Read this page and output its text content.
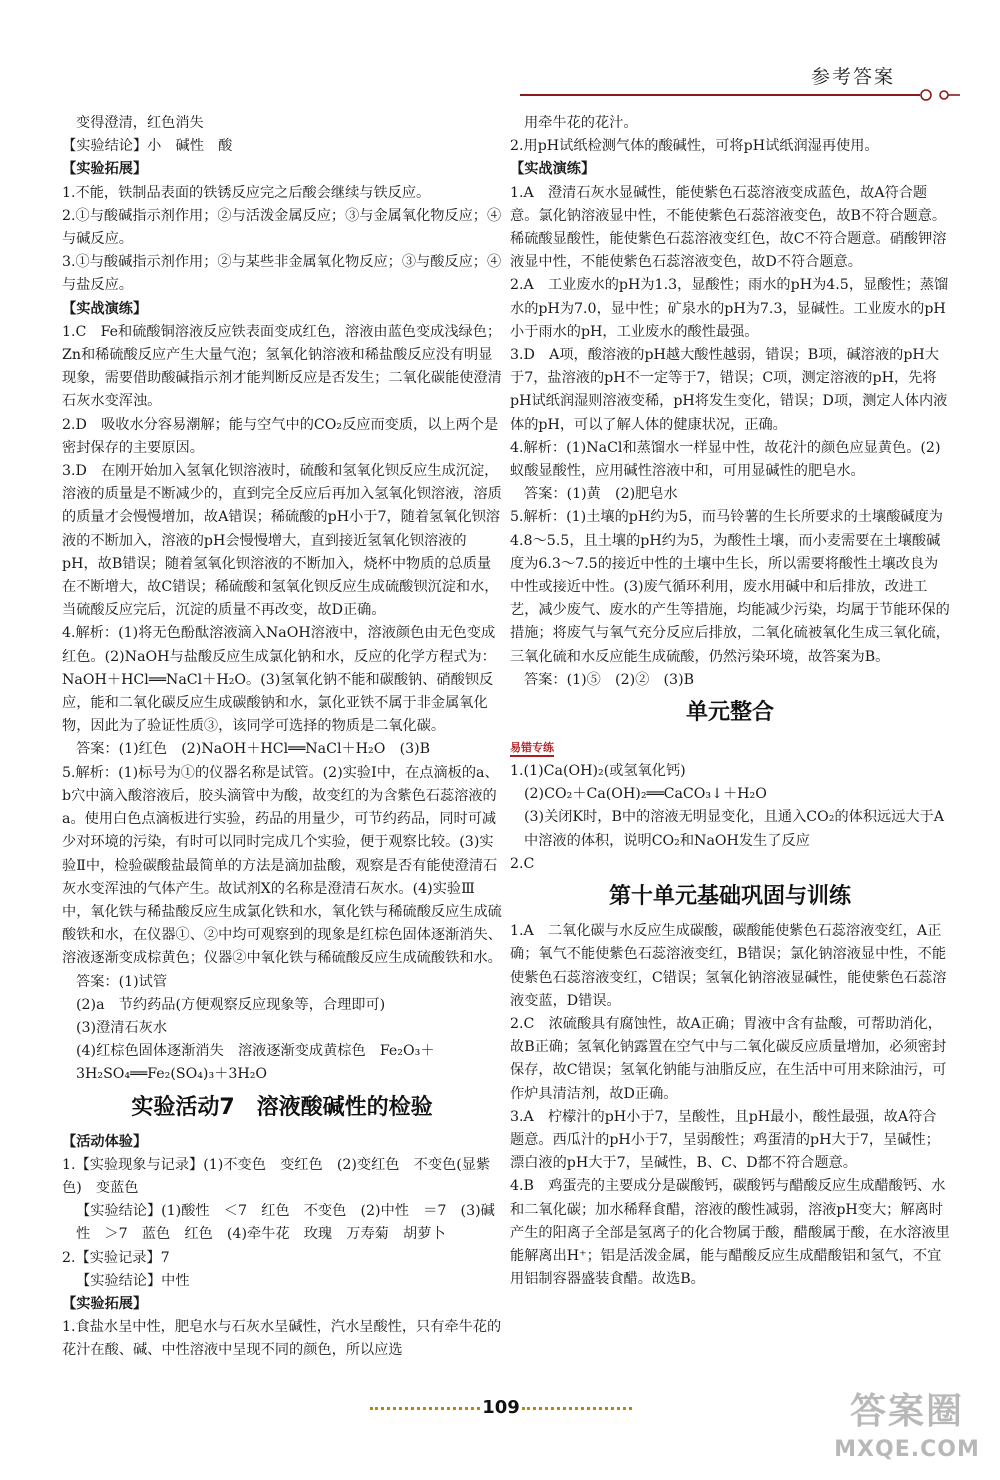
参考答案
变得澄清，红色消失
【实验结论】小　碱性　酸
【实验拓展】
1.不能，铁制品表面的铁锈反应完之后酸会继续与铁反应。
2.①与酸碱指示剂作用；②与活泼金属反应；③与金属氧化物反应；④与碱反应。
3.①与酸碱指示剂作用；②与某些非金属氧化物反应；③与酸反应；④与盐反应。
【实战演练】
1.C　Fe和硫酸铜溶液反应铁表面变成红色，溶液由蓝色变成浅绿色；Zn和稀硫酸反应产生大量气泡；氢氧化钠溶液和稀盐酸反应没有明显现象，需要借助酸碱指示剂才能判断反应是否发生；二氧化碳能使澄清石灰水变浑浊。
2.D　吸收水分容易潮解；能与空气中的CO₂反应而变质，以上两个是密封保存的主要原因。
3.D　在刚开始加入氢氧化钡溶液时，硫酸和氢氧化钡反应生成沉淀，溶液的质量是不断减少的，直到完全反应后再加入氢氧化钡溶液，溶质的质量才会慢慢增加，故A错误；稀硫酸的pH小于7，随着氢氧化钡溶液的不断加入，溶液的pH会慢慢增大，直到接近氢氧化钡溶液的pH，故B错误；随着氢氧化钡溶液的不断加入，烧杯中物质的总质量在不断增大，故C错误；稀硫酸和氢氧化钡反应生成硫酸钡沉淀和水，当硫酸反应完后，沉淀的质量不再改变，故D正确。
4.解析：(1)将无色酚酞溶液滴入NaOH溶液中，溶液颜色由无色变成红色。(2)NaOH与盐酸反应生成氯化钠和水，反应的化学方程式为：NaOH＋HCl══NaCl＋H₂O。(3)氢氧化钠不能和碳酸钠、硝酸钡反应，能和二氧化碳反应生成碳酸钠和水，氯化亚铁不属于非金属氧化物，因此为了验证性质③，该同学可选择的物质是二氧化碳。
答案：(1)红色　(2)NaOH＋HCl══NaCl＋H₂O　(3)B
5.解析：(1)标号为①的仪器名称是试管。(2)实验Ⅰ中，在点滴板的a、b穴中滴入酸溶液后，胶头滴管中为酸，故变红的为含紫色石蕊溶液的a。使用白色点滴板进行实验，药品的用量少，可节约药品，同时可减少对环境的污染，有时可以同时完成几个实验，便于观察比较。(3)实验Ⅱ中，检验碳酸盐最简单的方法是滴加盐酸，观察是否有能使澄清石灰水变浑浊的气体产生。故试剂X的名称是澄清石灰水。(4)实验Ⅲ中，氧化铁与稀盐酸反应生成氯化铁和水，氧化铁与稀硫酸反应生成硫酸铁和水，在仪器①、②中均可观察到的现象是红棕色固体逐渐消失、溶液逐渐变成棕黄色；仪器②中氧化铁与稀硫酸反应生成硫酸铁和水。
答案：(1)试管
(2)a　节约药品(方便观察反应现象等，合理即可)
(3)澄清石灰水
(4)红棕色固体逐渐消失　溶液逐渐变成黄棕色　Fe₂O₃＋3H₂SO₄══Fe₂(SO₄)₃＋3H₂O
实验活动7　溶液酸碱性的检验
【活动体验】
1.【实验现象与记录】(1)不变色　变红色　(2)变红色　不变色(显紫色)　变蓝色
【实验结论】(1)酸性　＜7　红色　不变色　(2)中性　＝7　(3)碱性　＞7　蓝色　红色　(4)牵牛花　玫瑰　万寿菊　胡萝卜
2.【实验记录】7
【实验结论】中性
【实验拓展】
1.食盐水呈中性，肥皂水与石灰水呈碱性，汽水呈酸性，只有牵牛花的花汁在酸、碱、中性溶液中呈现不同的颜色，所以应选
用牵牛花的花汁。
2.用pH试纸检测气体的酸碱性，可将pH试纸润湿再使用。
【实战演练】
1.A　澄清石灰水显碱性，能使紫色石蕊溶液变成蓝色，故A符合题意。氯化钠溶液显中性，不能使紫色石蕊溶液变色，故B不符合题意。稀硫酸显酸性，能使紫色石蕊溶液变红色，故C不符合题意。硝酸钾溶液显中性，不能使紫色石蕊溶液变色，故D不符合题意。
2.A　工业废水的pH为1.3，显酸性；雨水的pH为4.5，显酸性；蒸馏水的pH为7.0，显中性；矿泉水的pH为7.3，显碱性。工业废水的pH小于雨水的pH，工业废水的酸性最强。
3.D　A项，酸溶液的pH越大酸性越弱，错误；B项，碱溶液的pH大于7，盐溶液的pH不一定等于7，错误；C项，测定溶液的pH，先将pH试纸润湿则溶液变稀，pH将发生变化，错误；D项，测定人体内液体的pH，可以了解人体的健康状况，正确。
4.解析：(1)NaCl和蒸馏水一样显中性，故花汁的颜色应显黄色。(2)蚁酸显酸性，应用碱性溶液中和，可用显碱性的肥皂水。
答案：(1)黄　(2)肥皂水
5.解析：(1)土壤的pH约为5，而马铃薯的生长所要求的土壤酸碱度为4.8～5.5，且土壤的pH约为5，为酸性土壤，而小麦需要在土壤酸碱度为6.3～7.5的接近中性的土壤中生长，所以需要将酸性土壤改良为中性或接近中性。(3)废气循环利用，废水用碱中和后排放，改进工艺，减少废气、废水的产生等措施，均能减少污染，均属于节能环保的措施；将废气与氧气充分反应后排放，二氧化硫被氧化生成三氧化硫，三氧化硫和水反应能生成硫酸，仍然污染环境，故答案为B。
答案：(1)⑤　(2)②　(3)B
单元整合
易错专练

1.(1)Ca(OH)₂(或氢氧化钙)
(2)CO₂＋Ca(OH)₂══CaCO₃↓＋H₂O
(3)关闭K时，B中的溶液无明显变化，且通入CO₂的体积远远大于A中溶液的体积，说明CO₂和NaOH发生了反应
2.C
第十单元基础巩固与训练
1.A　二氧化碳与水反应生成碳酸，碳酸能使紫色石蕊溶液变红，A正确；氧气不能使紫色石蕊溶液变红，B错误；氯化钠溶液显中性，不能使紫色石蕊溶液变红，C错误；氢氧化钠溶液显碱性，能使紫色石蕊溶液变蓝，D错误。
2.C　浓硫酸具有腐蚀性，故A正确；胃液中含有盐酸，可帮助消化，故B正确；氢氧化钠露置在空气中与二氧化碳反应质量增加，必须密封保存，故C错误；氢氧化钠能与油脂反应，在生活中可用来除油污，可作炉具清洁剂，故D正确。
3.A　柠檬汁的pH小于7，呈酸性，且pH最小，酸性最强，故A符合题意。西瓜汁的pH小于7，呈弱酸性；鸡蛋清的pH大于7，呈碱性；漂白液的pH大于7，呈碱性，B、C、D都不符合题意。
4.B　鸡蛋壳的主要成分是碳酸钙，碳酸钙与醋酸反应生成醋酸钙、水和二氧化碳；加水稀释食醋，溶液的酸性减弱，溶液pH变大；解离时产生的阳离子全部是氢离子的化合物属于酸，醋酸属于酸，在水溶液里能解离出H⁺；铝是活泼金属，能与醋酸反应生成醋酸铝和氢气，不宜用铝制容器盛装食醋。故选B。
109	答案圈
MXQE.COM
